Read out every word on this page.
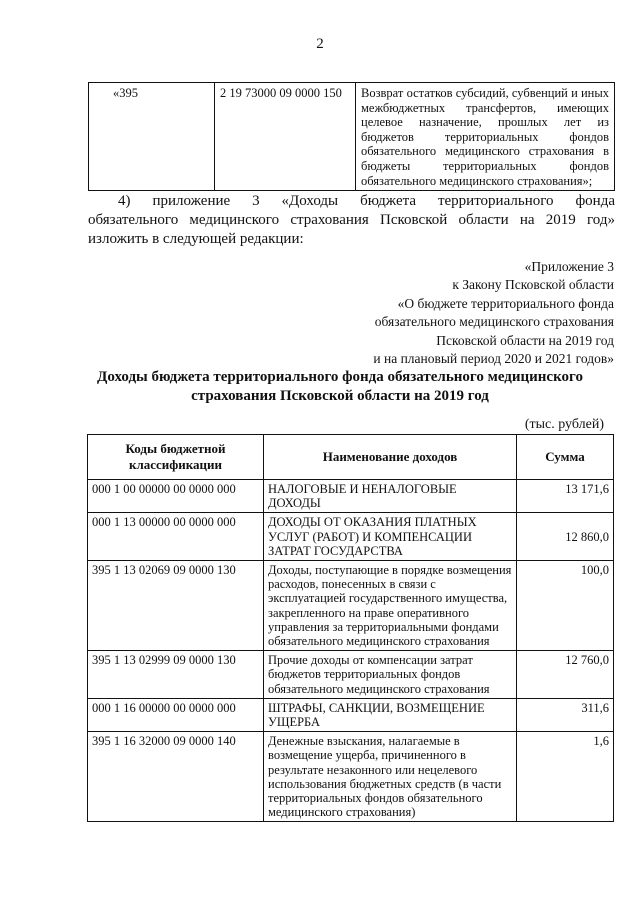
2
«395	2 19 73000 09 0000 150	Возврат остатков субсидий, субвенций и иных межбюджетных трансфертов, имеющих целевое назначение, прошлых лет из бюджетов территориальных фондов обязательного медицинского страхования в бюджеты территориальных фондов обязательного медицинского страхования»;
4) приложение 3 «Доходы бюджета территориального фонда
обязательного медицинского страхования Псковской области на 2019 год»
изложить в следующей редакции:
«Приложение 3
к Закону Псковской области
«О бюджете территориального фонда
обязательного медицинского страхования
Псковской области на 2019 год
и на плановый период 2020 и 2021 годов»
Доходы бюджета территориального фонда обязательного медицинского
страхования Псковской области на 2019 год
(тыс. рублей)
Коды бюджетной классификации	Наименование доходов	Сумма
000 1 00 00000 00 0000 000	НАЛОГОВЫЕ И НЕНАЛОГОВЫЕ ДОХОДЫ	13 171,6
000 1 13 00000 00 0000 000	ДОХОДЫ ОТ ОКАЗАНИЯ ПЛАТНЫХ УСЛУГ (РАБОТ) И КОМПЕНСАЦИИ ЗАТРАТ ГОСУДАРСТВА	12 860,0
395 1 13 02069 09 0000 130	Доходы, поступающие в порядке возмещения расходов, понесенных в связи с эксплуатацией государственного имущества, закрепленного на праве оперативного управления за территориальными фондами обязательного медицинского страхования	100,0
395 1 13 02999 09 0000 130	Прочие доходы от компенсации затрат бюджетов территориальных фондов обязательного медицинского страхования	12 760,0
000 1 16 00000 00 0000 000	ШТРАФЫ, САНКЦИИ, ВОЗМЕЩЕНИЕ УЩЕРБА	311,6
395 1 16 32000 09 0000 140	Денежные взыскания, налагаемые в возмещение ущерба, причиненного в результате незаконного или нецелевого использования бюджетных средств (в части территориальных фондов обязательного медицинского страхования)	1,6
